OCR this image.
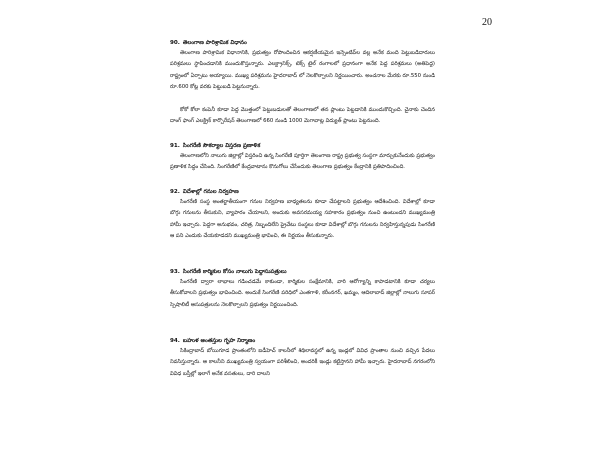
20
90. తెలంగాణ పారిశ్రామిక విధానం

తెలంగాణ పారిశ్రామిక విధానానికి, ప్రభుత్వం రోపొందించిన ఆకర్షణీయమైన ఇన్సెంటివ్‌ల వల్ల అనేక మంది పెట్టుబడిదారులు పరిశ్రమలు స్థాపించడానికి ముందుకొస్తున్నారు. ఎలక్ట్రానిక్స్, టెక్స్ టైల్ రంగాలలో ప్రధానంగా అనేక పెద్ద పరిశ్రమలు (అతిపెద్ద) రాష్ట్రంలో ఏర్పాటు అయ్యాయి. ముఖ్య పరిశ్రమను హైదరాబాద్ లో నెలకొల్పాలని నిర్ణయించారు. అంచనాల మేరకు రూ.550 నుండి రూ.600 కోట్ల వరకు పెట్టుబడి పెట్టనున్నారు.

కోకో కోలా కంపెనీ కూడా పెద్ద మొత్తంలో పెట్టుబడులతో తెలంగాణలో తన ప్లాంటు పెట్టడానికి ముందుకొచ్చింది. చైనాకు చెందిన దాంగ్ ఫాంగ్ ఎలక్ట్రిక్ కార్పొరేషన్ తెలంగాణలో 660 నుండి 1000 మెగావాట్ల విద్యుత్ ప్లాంటు పెట్టనుంది.

91. సింగరేణి సౌకర్యాల విస్తరణ ప్రణాళిక

తెలంగాణలోని నాలుగు జిల్లాల్లో విస్తరించి ఉన్న సింగరేణి పూర్తిగా తెలంగాణ రాష్ట్ర ప్రభుత్వ సంస్థగా మార్చుకునేందుకు ప్రభుత్వం ప్రణాళిక సిద్ధం చేసింది. సింగరేణిలో కేంద్రవాటాను కొనుగోలు చేసేందుకు తెలంగాణ ప్రభుత్వం కేంద్రానికి ప్రతిపాదించింది.

92. విదేశాల్లో గనుల నిర్వహణ

సింగరేణి సంస్థ అంతర్జాతీయంగా గనుల నిర్వహణ బాధ్యతలను కూడా చేపట్టాలని ప్రభుత్వం ఆదేశించింది. విదేశాల్లో కూడా బొగ్గు గనులను తీసుకుని, వ్యాపారం చేయాలని, అందుకు అవసరమయ్య సహకారం ప్రభుత్వం నుంచి ఉంటుందని ముఖ్యమంత్రి హామీ ఇచ్చారు. పెద్దగా అనుభవం, చరిత్ర, నిబ్బందిలేని ప్రైవేటు సంస్థలు కూడా విదేశాల్లో బొగ్గు గనులను నిర్వహిస్తున్నపుడు సింగరేణి ఆ పని ఎందుకు చేయకూడదని ముఖ్యమంత్రి భావించి, ఈ నిర్ణయం తీసుకున్నారు.

93. సింగరేణి కార్మికుల కోసం నాలుగు పెద్దాసుపత్రులు

సింగరేణి ద్వారా లాభాలు గడించడమే కాకుండా, కార్మికుల సంక్షేమానికి, వారి ఆరోగ్యాన్ని కాపాడటానికి కూడా చర్యలు తీసుకోవాలని ప్రభుత్వం భావించింది. అందుకే సింగరేణి పరిధిలో ఎంతగాళి, కరీంనగర్, ఖమ్మం, ఆదిలాబాద్ జిల్లాల్లో నాలుగు సూపర్ స్పెషాలిటీ ఆసుపత్రులను నెలకొల్పాలని ప్రభుత్వం నిర్ణయించింది.

94. బహుళ అంతస్తుల గృహ నిర్మాణం

సికింద్రాబాద్ బోయిగూడ ప్రాంతంలోని ఐడీహెచ్ కాలనీలో శిథిలావస్థలో ఉన్న ఇండ్లలో వివిధ ప్రాంతాల నుంచి వచ్చిన పేదలు నివసిస్తున్నారు. ఆ కాలనీని ముఖ్యమంత్రి స్వయంగా పరిశీలించి, అందరికీ ఇండ్లు కట్టిస్తానని హామీ ఇచ్చారు. హైదరాబాద్ నగరంలోని వివిధ బస్తీల్లో ఇలాగే అనేక వసతులు, దారి దాలని
